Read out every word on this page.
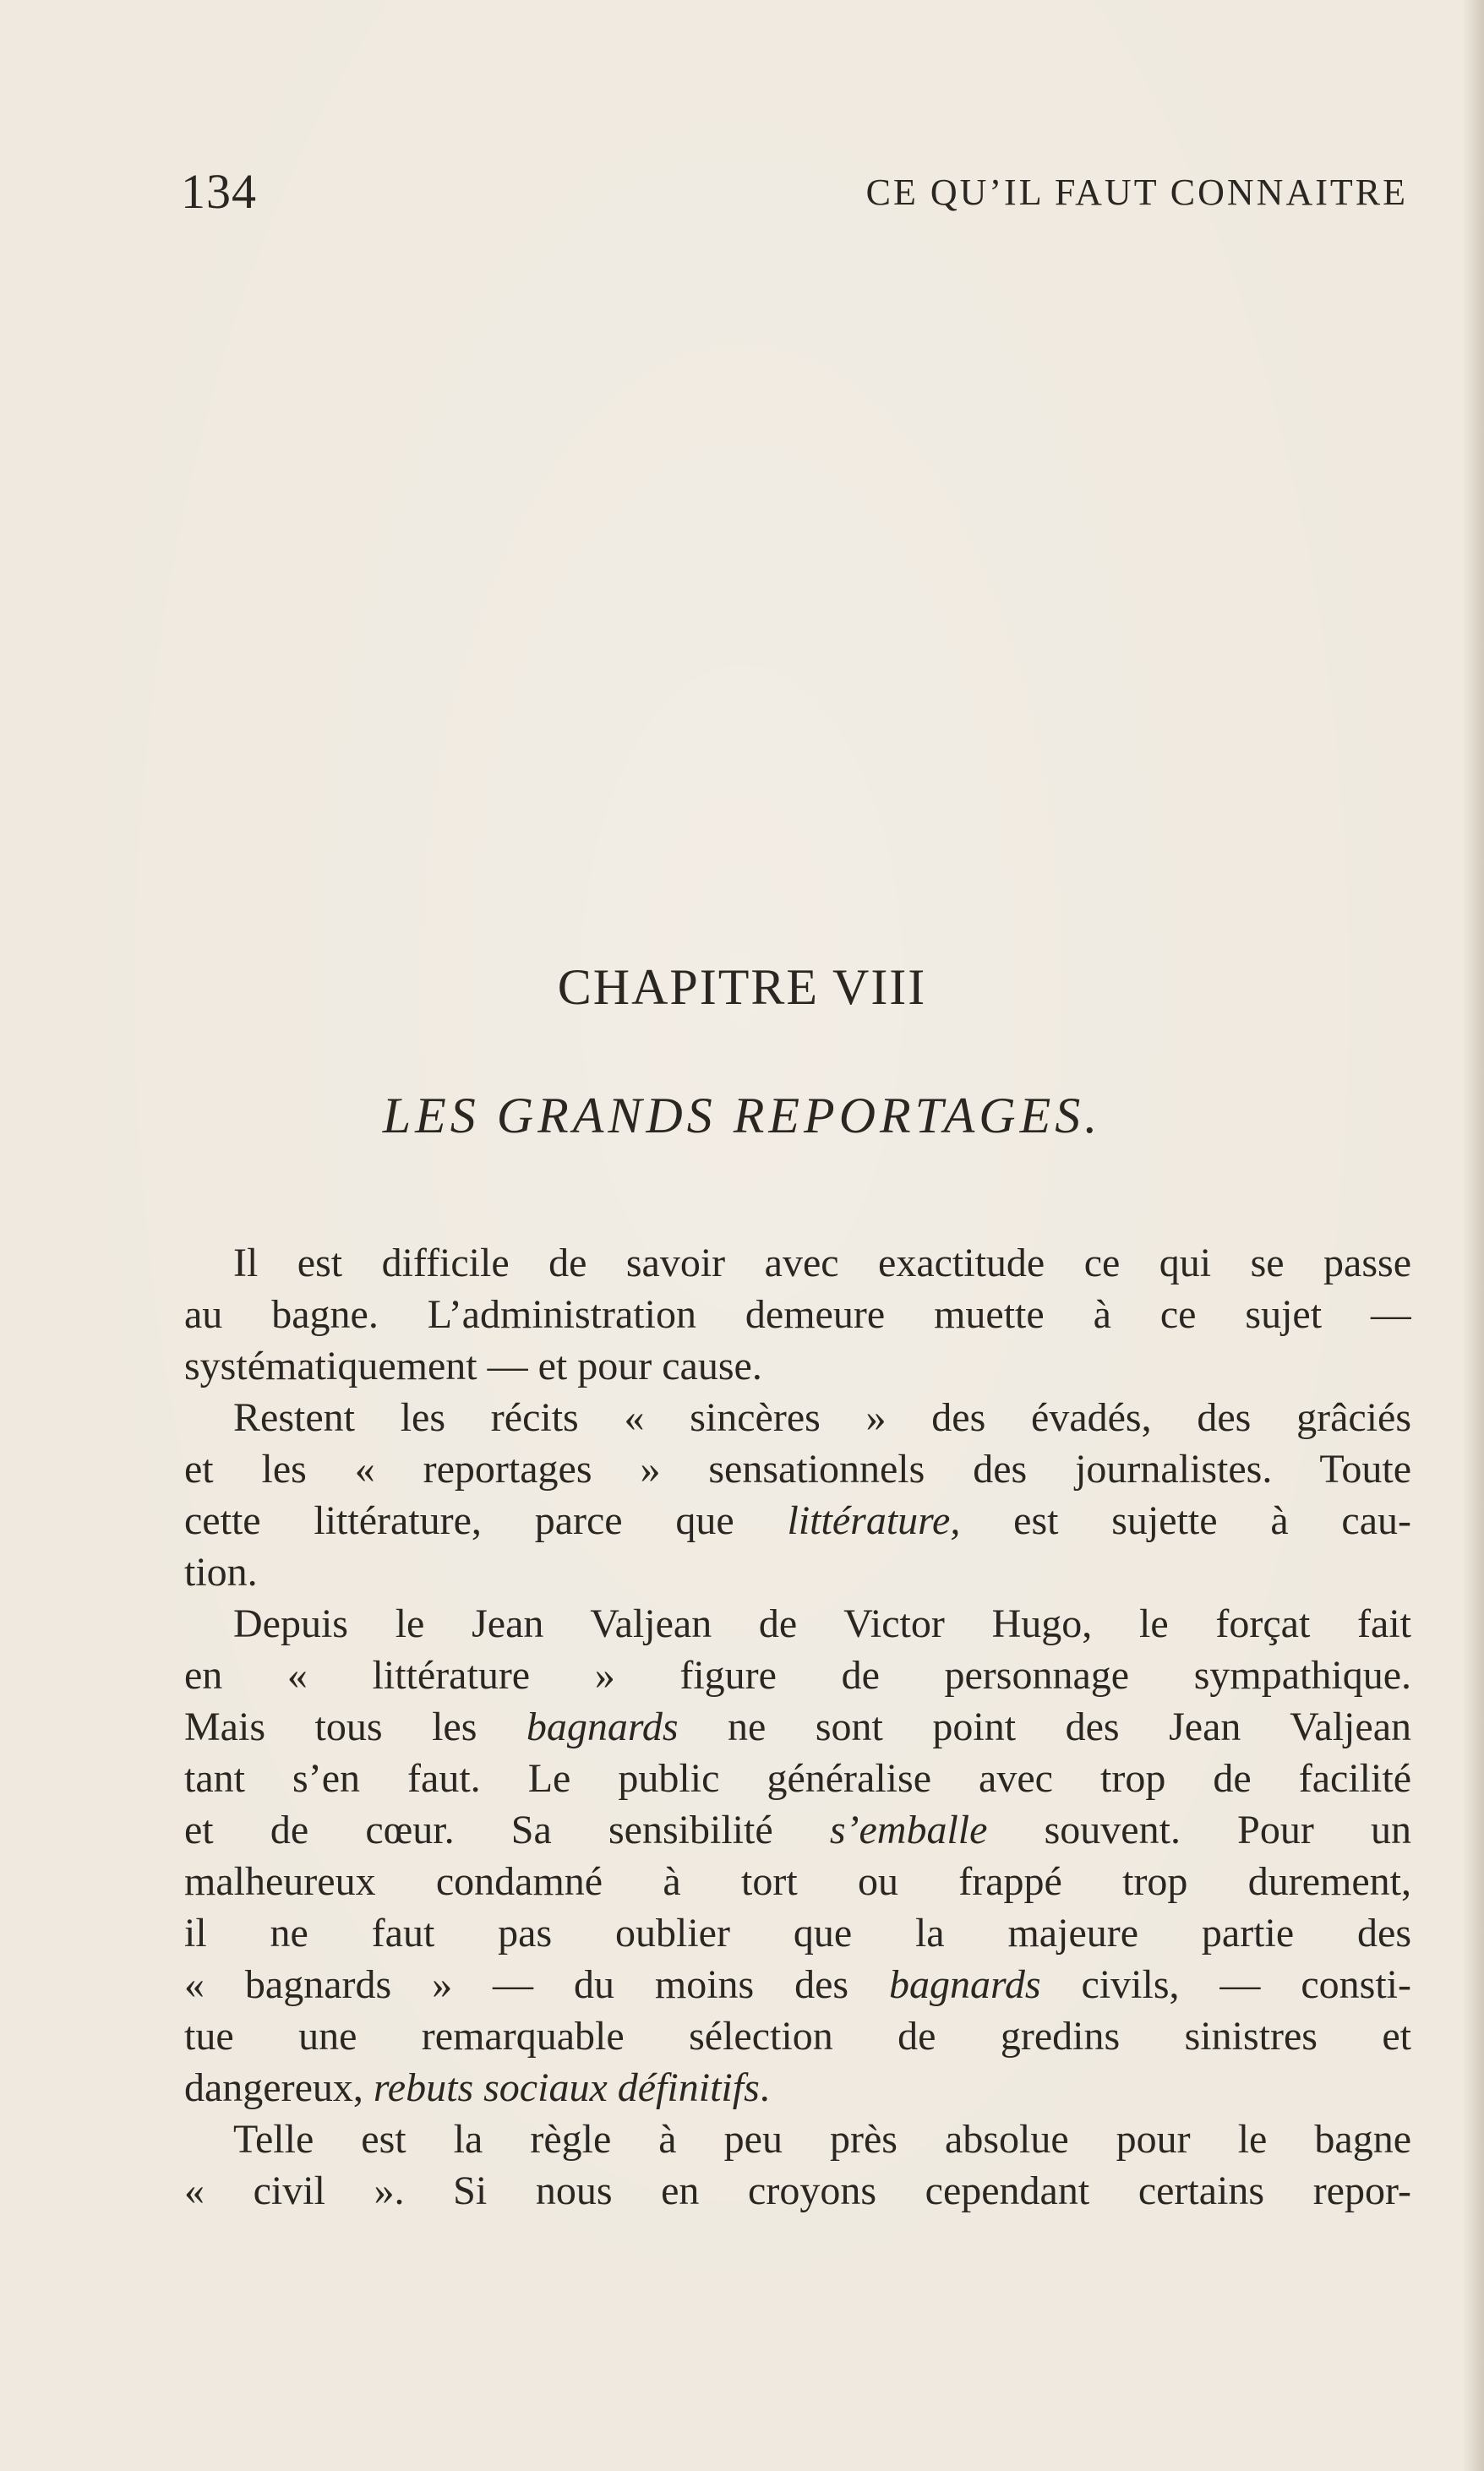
134	CE QU’IL FAUT CONNAITRE
CHAPITRE VIII
LES GRANDS REPORTAGES.
Il est difficile de savoir avec exactitude ce qui se passe
au bagne. L’administration demeure muette à ce sujet —
systématiquement — et pour cause.
Restent les récits « sincères » des évadés, des grâciés
et les « reportages » sensationnels des journalistes. Toute
cette littérature, parce que littérature, est sujette à cau-
tion.
Depuis le Jean Valjean de Victor Hugo, le forçat fait
en « littérature » figure de personnage sympathique.
Mais tous les bagnards ne sont point des Jean Valjean
tant s’en faut. Le public généralise avec trop de facilité
et de cœur. Sa sensibilité s’emballe souvent. Pour un
malheureux condamné à tort ou frappé trop durement,
il ne faut pas oublier que la majeure partie des
« bagnards » — du moins des bagnards civils, — consti-
tue une remarquable sélection de gredins sinistres et
dangereux, rebuts sociaux définitifs.
Telle est la règle à peu près absolue pour le bagne
« civil ». Si nous en croyons cependant certains repor-
